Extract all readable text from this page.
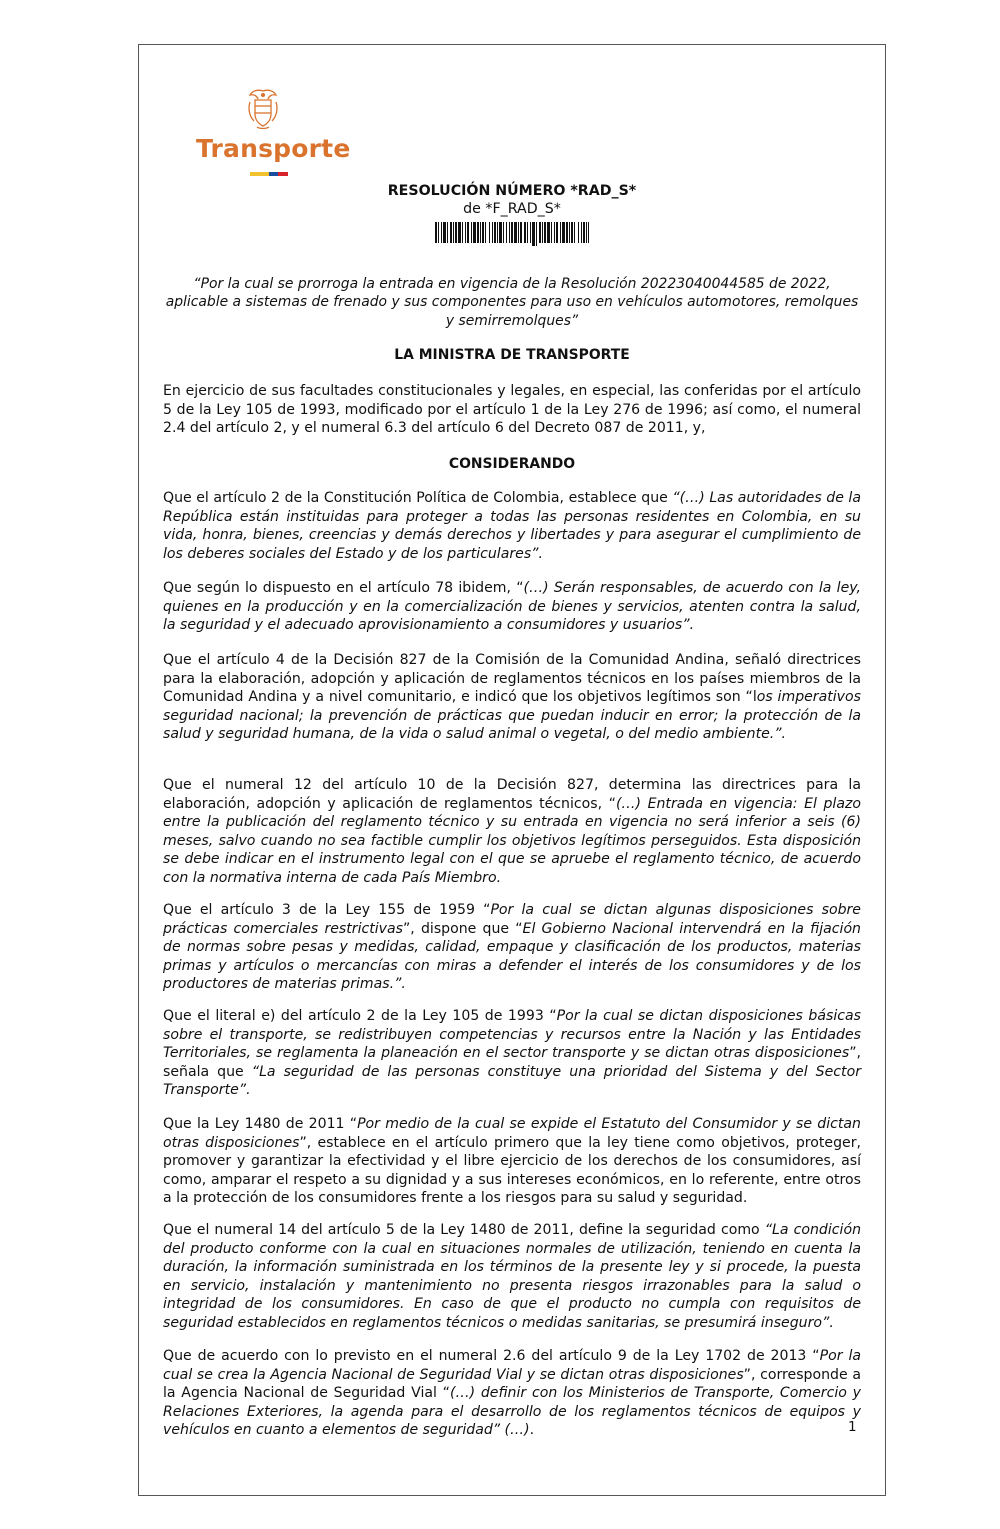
Transporte
RESOLUCIÓN NÚMERO *RAD_S*
de *F_RAD_S*
“Por la cual se prorroga la entrada en vigencia de la Resolución 20223040044585 de 2022, aplicable a sistemas de frenado y sus componentes para uso en vehículos automotores, remolques y semirremolques”
LA MINISTRA DE TRANSPORTE
En ejercicio de sus facultades constitucionales y legales, en especial, las conferidas por el artículo 5 de la Ley 105 de 1993, modificado por el artículo 1 de la Ley 276 de 1996; así como, el numeral 2.4 del artículo 2, y el numeral 6.3 del artículo 6 del Decreto 087 de 2011, y,
CONSIDERANDO
Que el artículo 2 de la Constitución Política de Colombia, establece que “(…) Las autoridades de la República están instituidas para proteger a todas las personas residentes en Colombia, en su vida, honra, bienes, creencias y demás derechos y libertades y para asegurar el cumplimiento de los deberes sociales del Estado y de los particulares”.
Que según lo dispuesto en el artículo 78 ibidem, “(…) Serán responsables, de acuerdo con la ley, quienes en la producción y en la comercialización de bienes y servicios, atenten contra la salud, la seguridad y el adecuado aprovisionamiento a consumidores y usuarios”.
Que el artículo 4 de la Decisión 827 de la Comisión de la Comunidad Andina, señaló directrices para la elaboración, adopción y aplicación de reglamentos técnicos en los países miembros de la Comunidad Andina y a nivel comunitario, e indicó que los objetivos legítimos son “los imperativos seguridad nacional; la prevención de prácticas que puedan inducir en error; la protección de la salud y seguridad humana, de la vida o salud animal o vegetal, o del medio ambiente.”.
Que el numeral 12 del artículo 10 de la Decisión 827, determina las directrices para la elaboración, adopción y aplicación de reglamentos técnicos, “(…) Entrada en vigencia: El plazo entre la publicación del reglamento técnico y su entrada en vigencia no será inferior a seis (6) meses, salvo cuando no sea factible cumplir los objetivos legítimos perseguidos. Esta disposición se debe indicar en el instrumento legal con el que se apruebe el reglamento técnico, de acuerdo con la normativa interna de cada País Miembro.
Que el artículo 3 de la Ley 155 de 1959 “Por la cual se dictan algunas disposiciones sobre prácticas comerciales restrictivas”, dispone que “El Gobierno Nacional intervendrá en la fijación de normas sobre pesas y medidas, calidad, empaque y clasificación de los productos, materias primas y artículos o mercancías con miras a defender el interés de los consumidores y de los productores de materias primas.”.
Que el literal e) del artículo 2 de la Ley 105 de 1993 “Por la cual se dictan disposiciones básicas sobre el transporte, se redistribuyen competencias y recursos entre la Nación y las Entidades Territoriales, se reglamenta la planeación en el sector transporte y se dictan otras disposiciones”, señala que “La seguridad de las personas constituye una prioridad del Sistema y del Sector Transporte”.
Que la Ley 1480 de 2011 “Por medio de la cual se expide el Estatuto del Consumidor y se dictan otras disposiciones”, establece en el artículo primero que la ley tiene como objetivos, proteger, promover y garantizar la efectividad y el libre ejercicio de los derechos de los consumidores, así como, amparar el respeto a su dignidad y a sus intereses económicos, en lo referente, entre otros a la protección de los consumidores frente a los riesgos para su salud y seguridad.
Que el numeral 14 del artículo 5 de la Ley 1480 de 2011, define la seguridad como “La condición del producto conforme con la cual en situaciones normales de utilización, teniendo en cuenta la duración, la información suministrada en los términos de la presente ley y si procede, la puesta en servicio, instalación y mantenimiento no presenta riesgos irrazonables para la salud o integridad de los consumidores. En caso de que el producto no cumpla con requisitos de seguridad establecidos en reglamentos técnicos o medidas sanitarias, se presumirá inseguro”.
Que de acuerdo con lo previsto en el numeral 2.6 del artículo 9 de la Ley 1702 de 2013 “Por la cual se crea la Agencia Nacional de Seguridad Vial y se dictan otras disposiciones”, corresponde a la Agencia Nacional de Seguridad Vial “(…) definir con los Ministerios de Transporte, Comercio y Relaciones Exteriores, la agenda para el desarrollo de los reglamentos técnicos de equipos y vehículos en cuanto a elementos de seguridad” (…).	1
